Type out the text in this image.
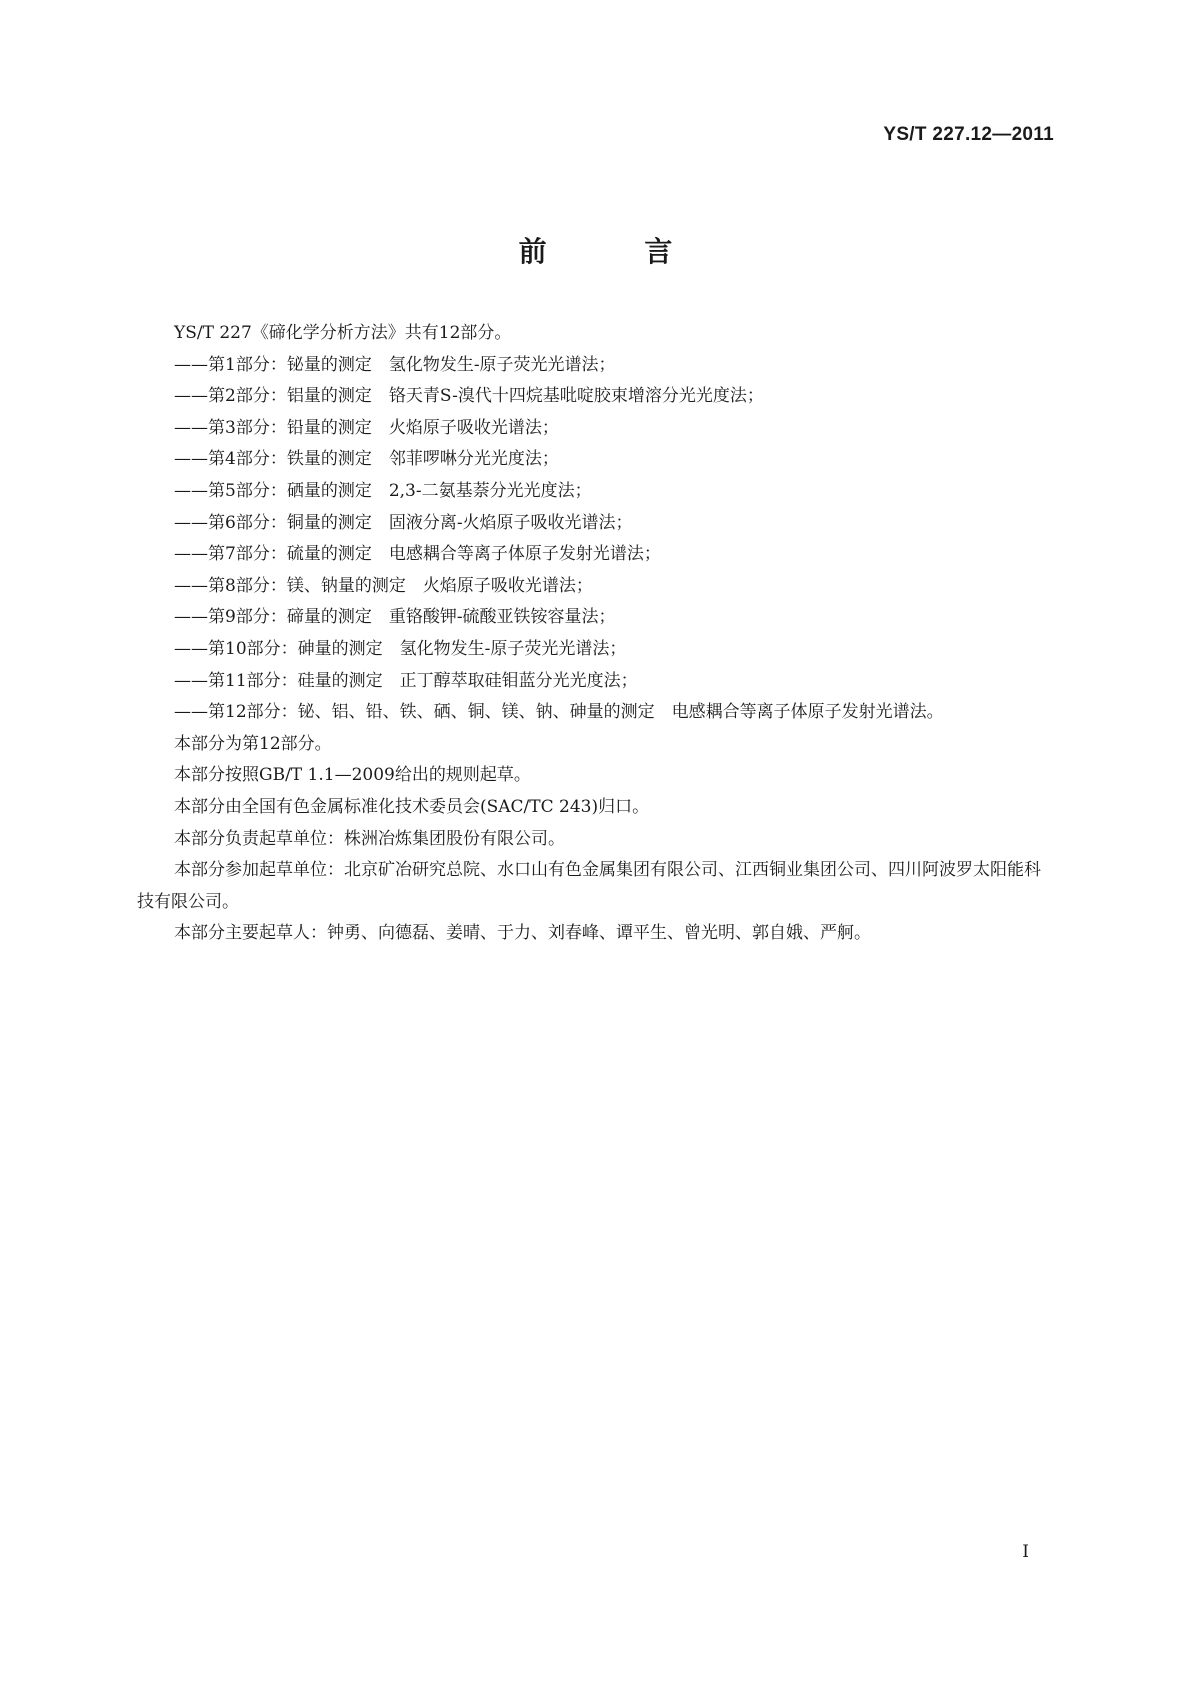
YS/T 227.12—2011
前 言

YS/T 227《碲化学分析方法》共有12部分。

——第1部分：铋量的测定　氢化物发生-原子荧光光谱法；

——第2部分：铝量的测定　铬天青S-溴代十四烷基吡啶胶束增溶分光光度法；

——第3部分：铅量的测定　火焰原子吸收光谱法；

——第4部分：铁量的测定　邻菲啰啉分光光度法；

——第5部分：硒量的测定　2,3-二氨基萘分光光度法；

——第6部分：铜量的测定　固液分离-火焰原子吸收光谱法；

——第7部分：硫量的测定　电感耦合等离子体原子发射光谱法；

——第8部分：镁、钠量的测定　火焰原子吸收光谱法；

——第9部分：碲量的测定　重铬酸钾-硫酸亚铁铵容量法；

——第10部分：砷量的测定　氢化物发生-原子荧光光谱法；

——第11部分：硅量的测定　正丁醇萃取硅钼蓝分光光度法；

——第12部分：铋、铝、铅、铁、硒、铜、镁、钠、砷量的测定　电感耦合等离子体原子发射光谱法。

本部分为第12部分。

本部分按照GB/T 1.1—2009给出的规则起草。

本部分由全国有色金属标准化技术委员会(SAC/TC 243)归口。

本部分负责起草单位：株洲冶炼集团股份有限公司。

本部分参加起草单位：北京矿冶研究总院、水口山有色金属集团有限公司、江西铜业集团公司、四川阿波罗太阳能科技有限公司。

本部分主要起草人：钟勇、向德磊、姜晴、于力、刘春峰、谭平生、曾光明、郭自娥、严舸。

I
